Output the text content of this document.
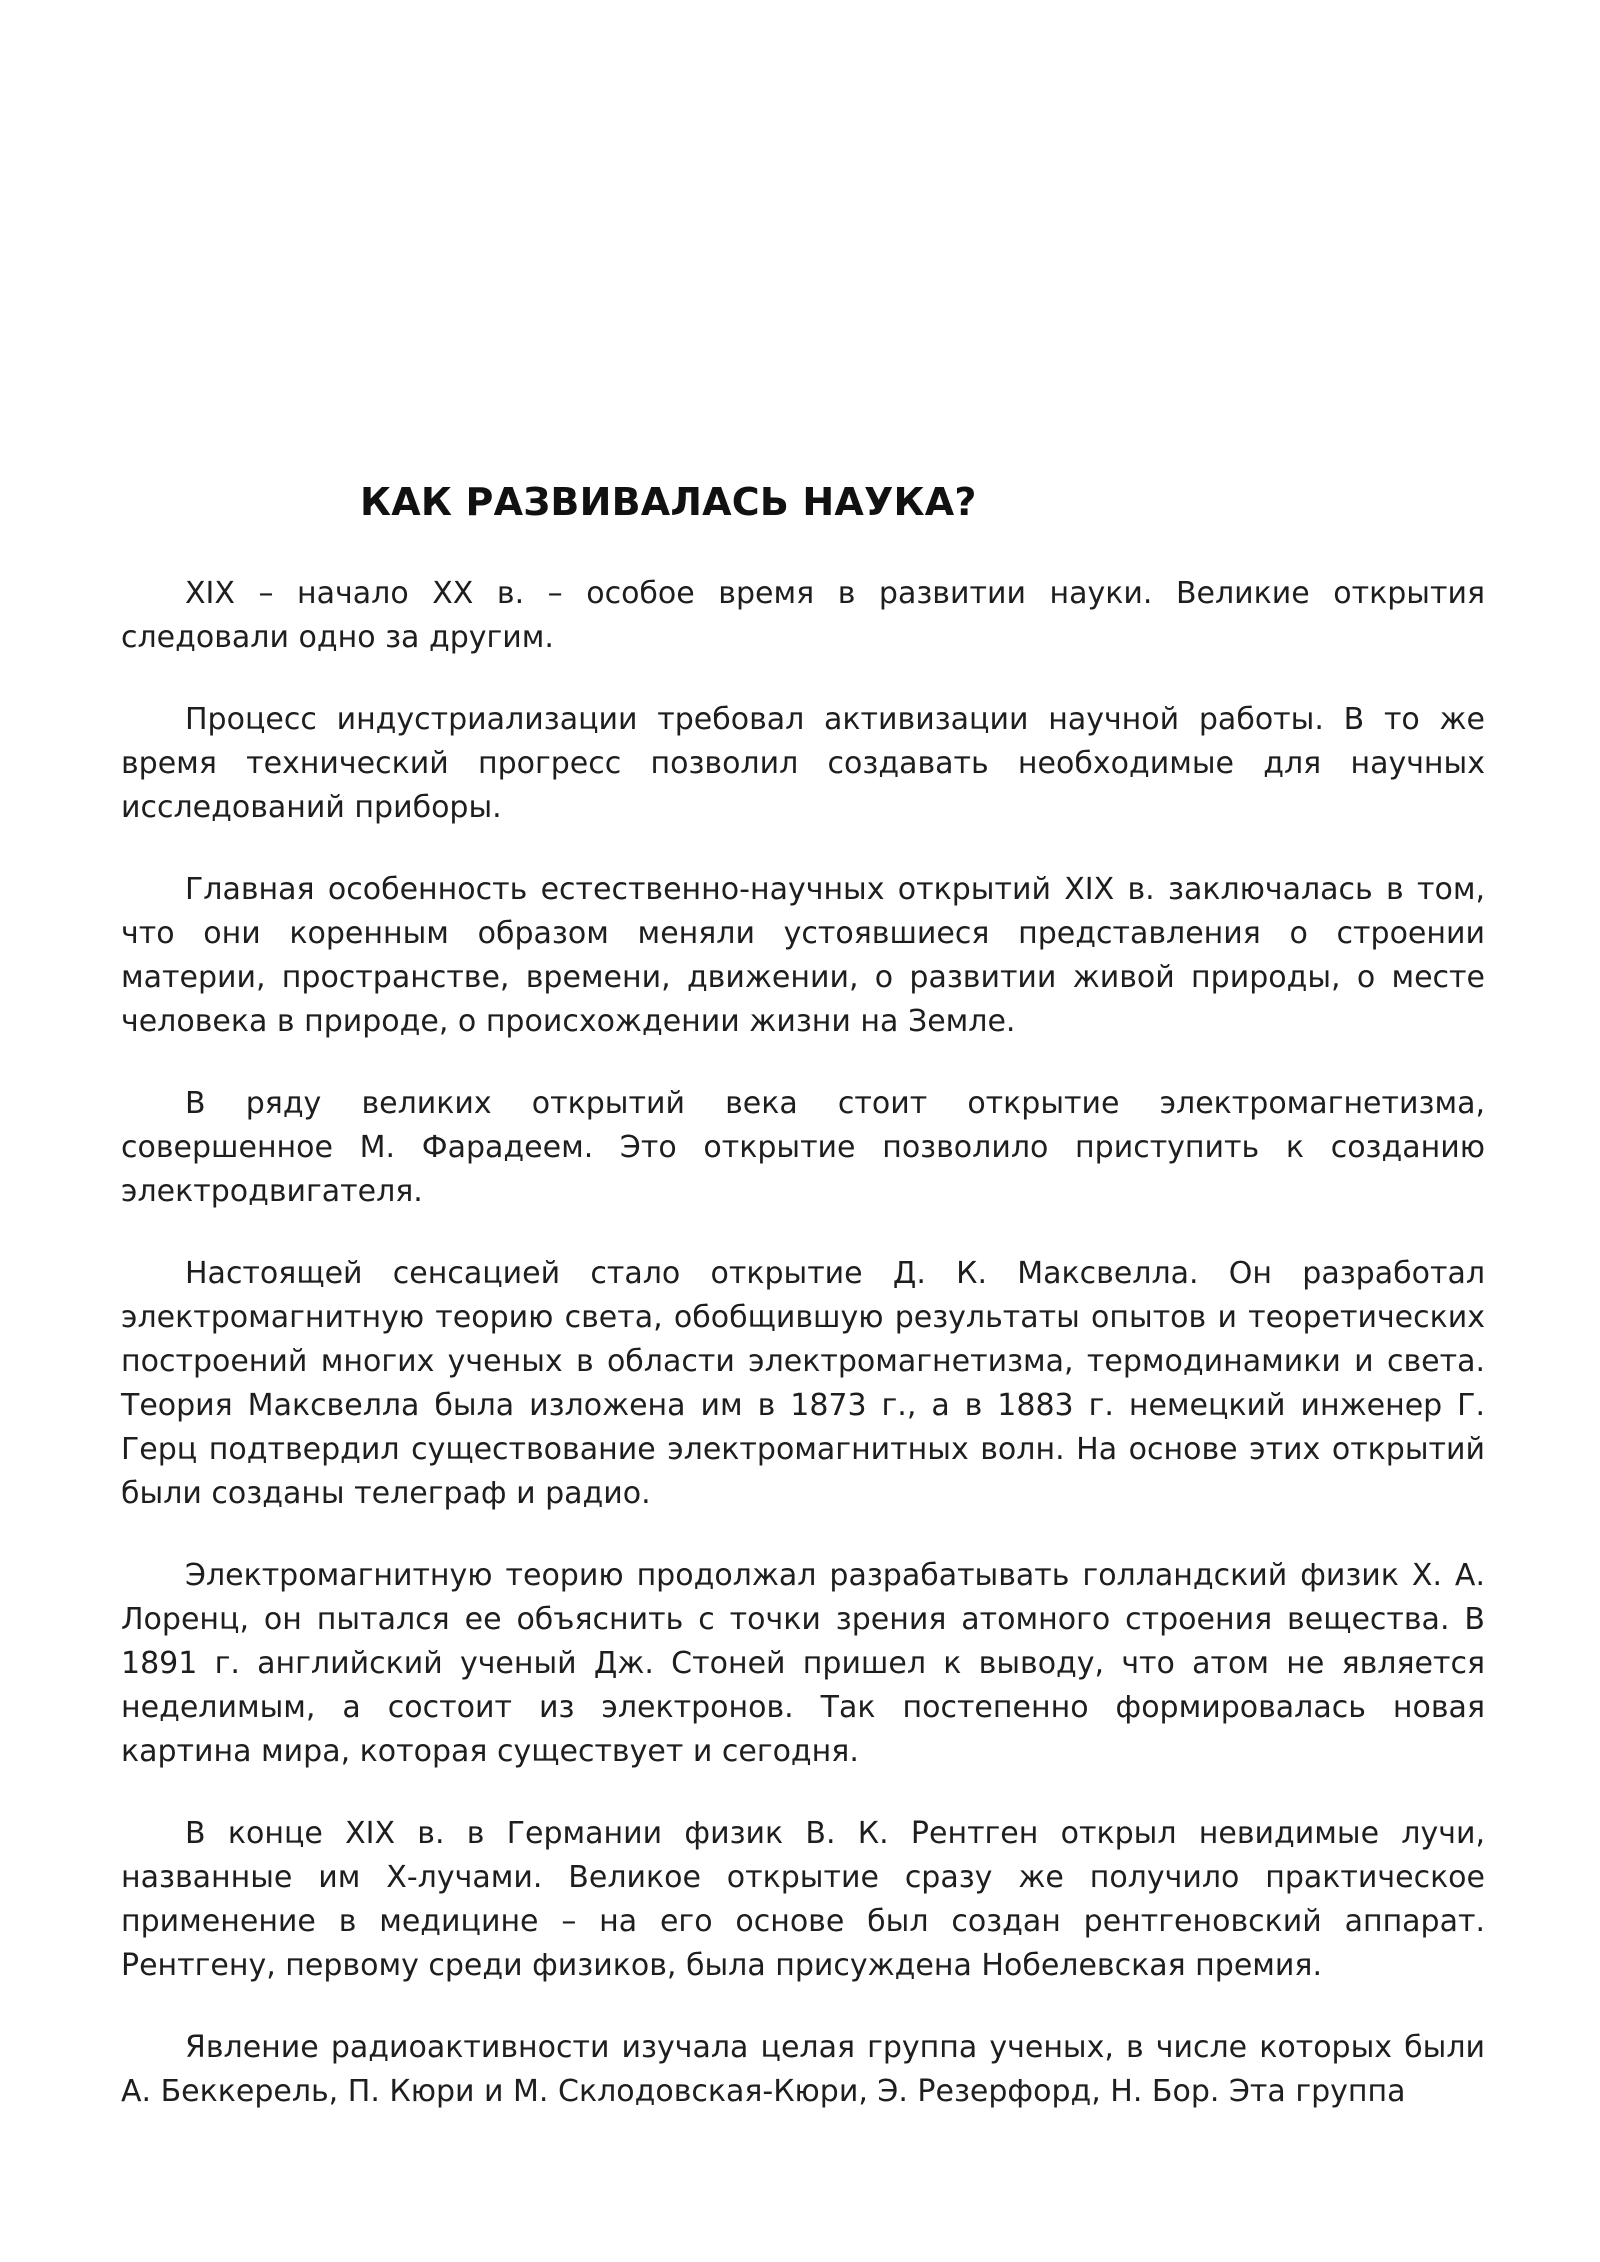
КАК РАЗВИВАЛАСЬ НАУКА?

XIX – начало XX в. – особое время в развитии науки. Великие открытия следовали одно за другим.

Процесс индустриализации требовал активизации научной работы. В то же время технический прогресс позволил создавать необходимые для научных исследований приборы.

Главная особенность естественно-научных открытий XIX в. заключалась в том, что они коренным образом меняли устоявшиеся представления о строении материи, пространстве, времени, движении, о развитии живой природы, о месте человека в природе, о происхождении жизни на Земле.

В ряду великих открытий века стоит открытие электромагнетизма, совершенное М. Фарадеем. Это открытие позволило приступить к созданию электродвигателя.

Настоящей сенсацией стало открытие Д. К. Максвелла. Он разработал электромагнитную теорию света, обобщившую результаты опытов и теоретических построений многих ученых в области электромагнетизма, термодинамики и света. Теория Максвелла была изложена им в 1873 г., а в 1883 г. немецкий инженер Г. Герц подтвердил существование электромагнитных волн. На основе этих открытий были созданы телеграф и радио.

Электромагнитную теорию продолжал разрабатывать голландский физик Х. А. Лоренц, он пытался ее объяснить с точки зрения атомного строения вещества. В 1891 г. английский ученый Дж. Стоней пришел к выводу, что атом не является неделимым, а состоит из электронов. Так постепенно формировалась новая картина мира, которая существует и сегодня.

В конце XIX в. в Германии физик В. К. Рентген открыл невидимые лучи, названные им Х-лучами. Великое открытие сразу же получило практическое применение в медицине – на его основе был создан рентгеновский аппарат. Рентгену, первому среди физиков, была присуждена Нобелевская премия.

Явление радиоактивности изучала целая группа ученых, в числе которых были А. Беккерель, П. Кюри и М. Склодовская-Кюри, Э. Резерфорд, Н. Бор. Эта группа
